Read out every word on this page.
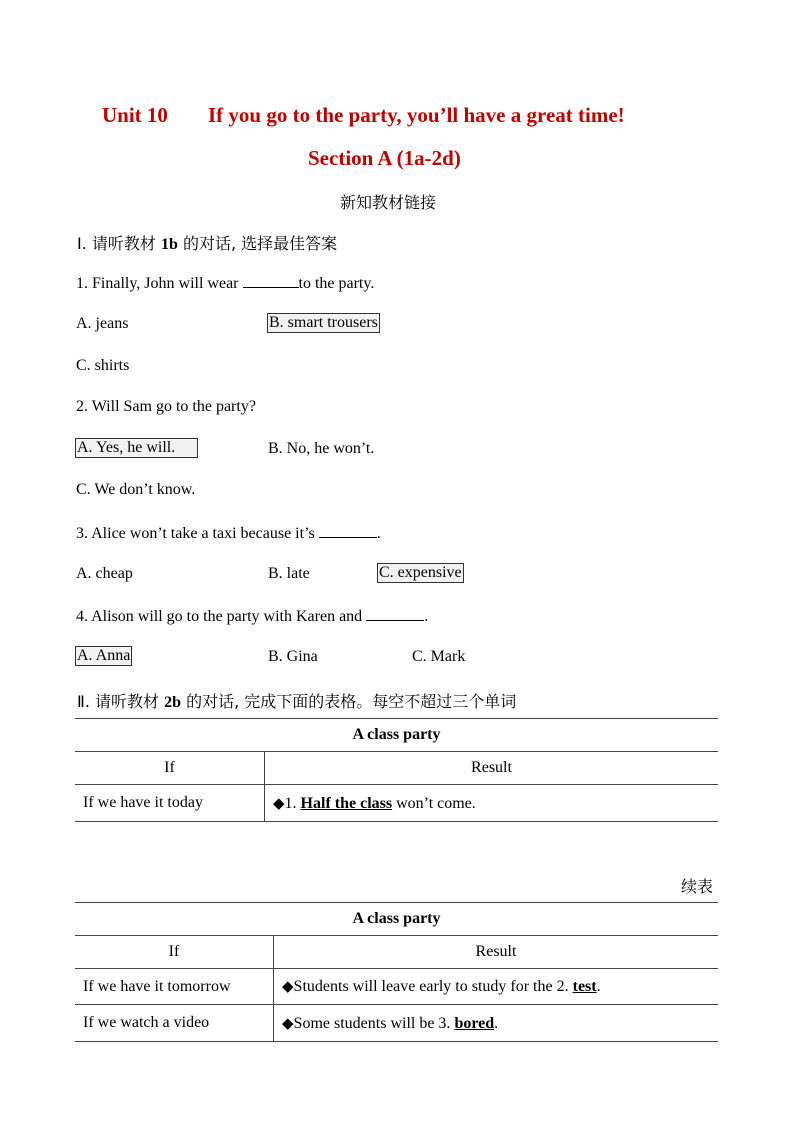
Unit 10 If you go to the party, you’ll have a great time!
Section A (1a-2d)
新知教材链接
Ⅰ. 请听教材 1b 的对话, 选择最佳答案
1. Finally, John will wear	to the party.
A. jeans	B. smart trousers
C. shirts
2. Will Sam go to the party?
A. Yes, he will.	B. No, he won’t.
C. We don’t know.
3. Alice won’t take a taxi because it’s	.
A. cheap	B. late	C. expensive
4. Alison will go to the party with Karen and	.
A. Anna	B. Gina	C. Mark
Ⅱ. 请听教材 2b 的对话, 完成下面的表格。每空不超过三个单词
A class party	
If	Result
If we have it today	◆1. Half the class won’t come.
续表
A class party	
If	Result
If we have it tomorrow	◆Students will leave early to study for the 2. test.
If we watch a video	◆Some students will be 3. bored.
